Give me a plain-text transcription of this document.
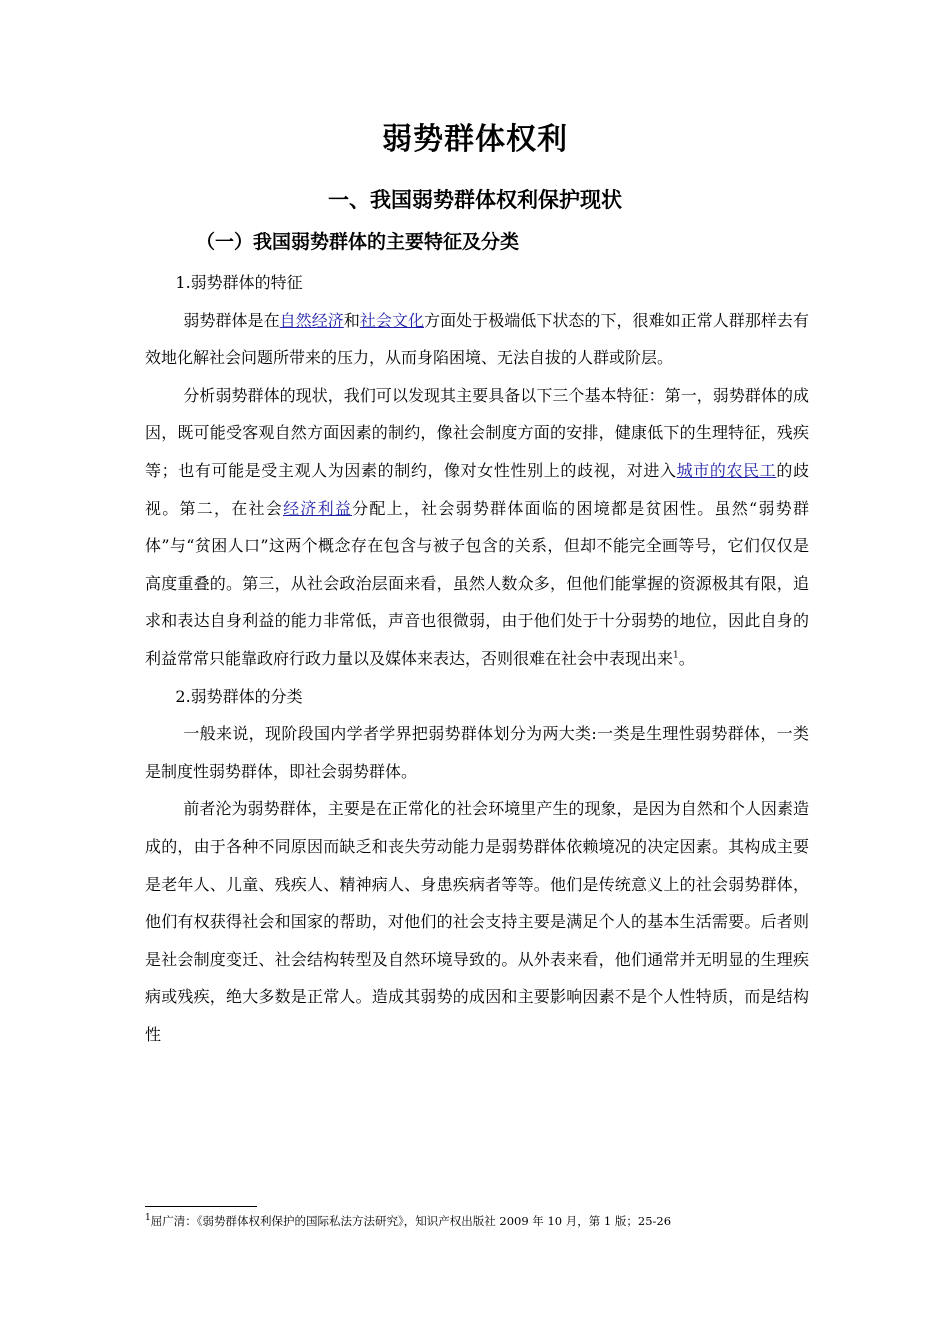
弱势群体权利
一、我国弱势群体权利保护现状
（一）我国弱势群体的主要特征及分类

1.弱势群体的特征

弱势群体是在自然经济和社会文化方面处于极端低下状态的下，很难如正常人群那样去有效地化解社会问题所带来的压力，从而身陷困境、无法自拔的人群或阶层。

分析弱势群体的现状，我们可以发现其主要具备以下三个基本特征：第一，弱势群体的成因，既可能受客观自然方面因素的制约，像社会制度方面的安排，健康低下的生理特征，残疾等；也有可能是受主观人为因素的制约，像对女性性别上的歧视，对进入城市的农民工的歧视。第二，在社会经济利益分配上，社会弱势群体面临的困境都是贫困性。虽然“弱势群体”与“贫困人口”这两个概念存在包含与被子包含的关系，但却不能完全画等号，它们仅仅是高度重叠的。第三，从社会政治层面来看，虽然人数众多，但他们能掌握的资源极其有限，追求和表达自身利益的能力非常低，声音也很微弱，由于他们处于十分弱势的地位，因此自身的利益常常只能靠政府行政力量以及媒体来表达，否则很难在社会中表现出来$^1$。

2.弱势群体的分类

一般来说，现阶段国内学者学界把弱势群体划分为两大类:一类是生理性弱势群体，一类是制度性弱势群体，即社会弱势群体。

前者沦为弱势群体，主要是在正常化的社会环境里产生的现象，是因为自然和个人因素造成的，由于各种不同原因而缺乏和丧失劳动能力是弱势群体依赖境况的决定因素。其构成主要是老年人、儿童、残疾人、精神病人、身患疾病者等等。他们是传统意义上的社会弱势群体，他们有权获得社会和国家的帮助，对他们的社会支持主要是满足个人的基本生活需要。后者则是社会制度变迁、社会结构转型及自然环境导致的。从外表来看，他们通常并无明显的生理疾病或残疾，绝大多数是正常人。造成其弱势的成因和主要影响因素不是个人性特质，而是结构性

$^1$屈广清：《弱势群体权利保护的国际私法方法研究》，知识产权出版社 2009 年 10 月，第 1 版；25-26
